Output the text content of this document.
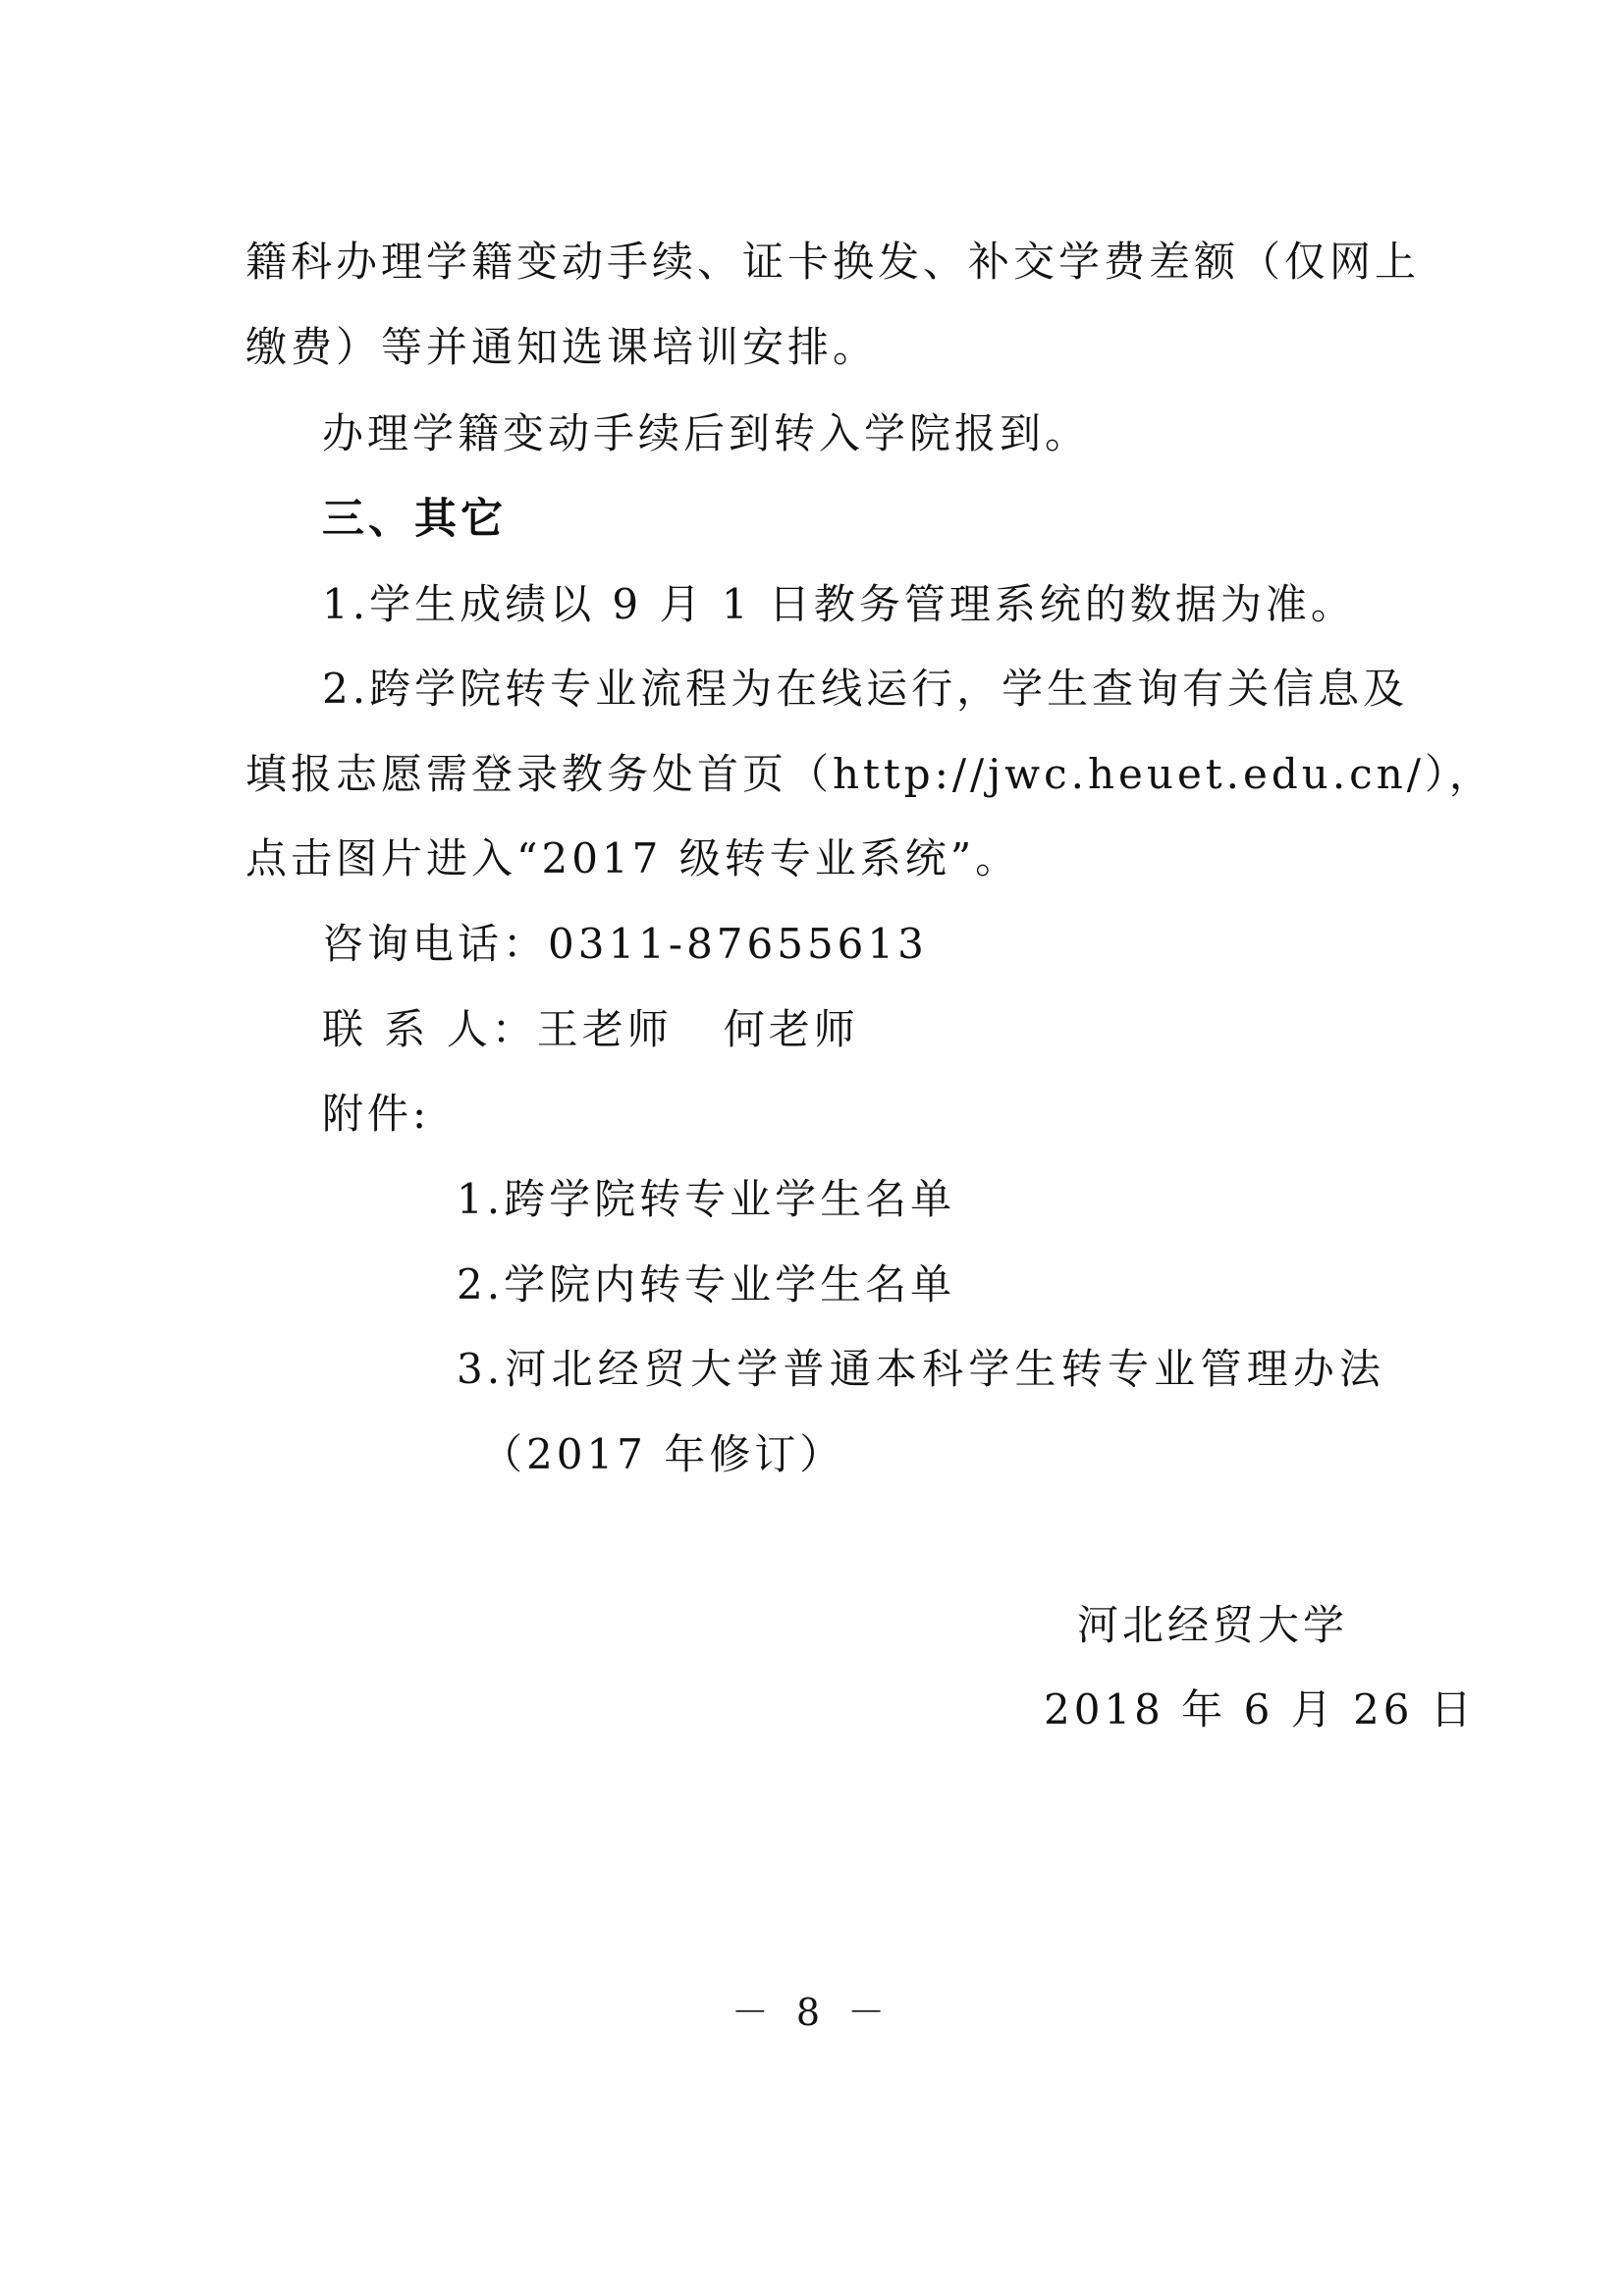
籍科办理学籍变动手续、证卡换发、补交学费差额（仅网上
缴费）等并通知选课培训安排。
办理学籍变动手续后到转入学院报到。
三、其它
1.学生成绩以 9 月 1 日教务管理系统的数据为准。
2.跨学院转专业流程为在线运行，学生查询有关信息及
填报志愿需登录教务处首页（http://jwc.heuet.edu.cn/），
点击图片进入“2017 级转专业系统”。
咨询电话：0311-87655613
联 系 人：王老师   何老师
附件:
1.跨学院转专业学生名单
2.学院内转专业学生名单
3.河北经贸大学普通本科学生转专业管理办法
（2017 年修订）
河北经贸大学
2018 年 6 月 26 日
－ 8 －
